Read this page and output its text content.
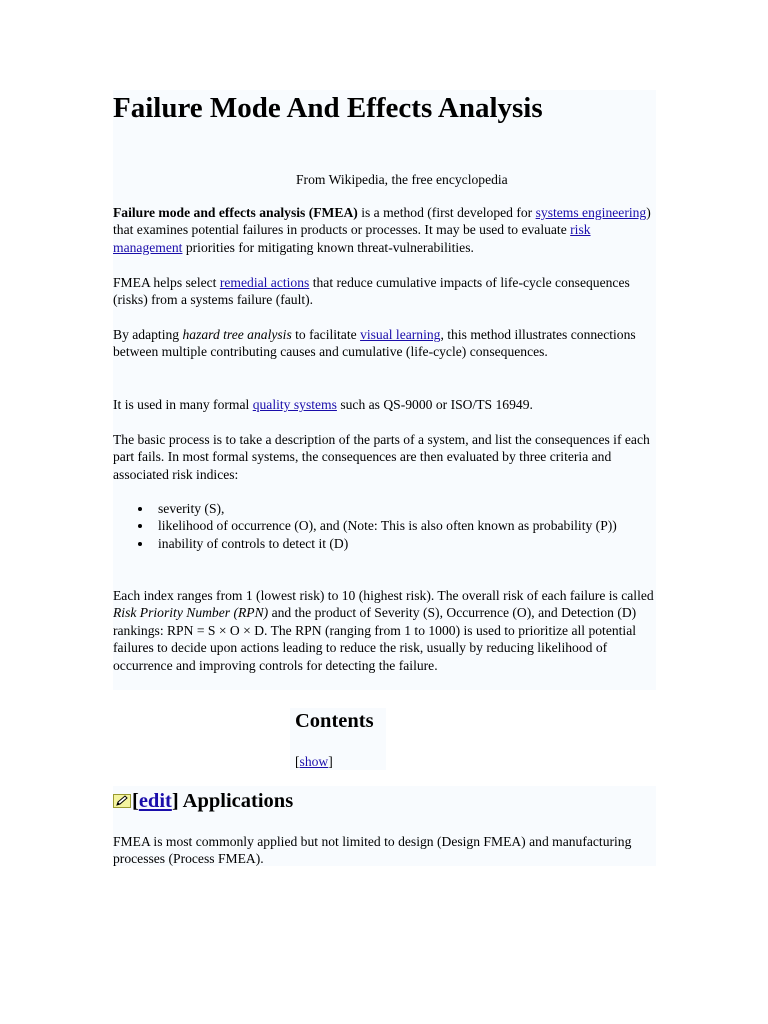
Failure Mode And Effects Analysis
From Wikipedia, the free encyclopedia

Failure mode and effects analysis (FMEA) is a method (first developed for systems engineering) that examines potential failures in products or processes. It may be used to evaluate risk management priorities for mitigating known threat-vulnerabilities.

FMEA helps select remedial actions that reduce cumulative impacts of life-cycle consequences (risks) from a systems failure (fault).

By adapting hazard tree analysis to facilitate visual learning, this method illustrates connections between multiple contributing causes and cumulative (life-cycle) consequences.

It is used in many formal quality systems such as QS-9000 or ISO/TS 16949.

The basic process is to take a description of the parts of a system, and list the consequences if each part fails. In most formal systems, the consequences are then evaluated by three criteria and associated risk indices:

severity (S),
likelihood of occurrence (O), and (Note: This is also often known as probability (P))
inability of controls to detect it (D)

Each index ranges from 1 (lowest risk) to 10 (highest risk). The overall risk of each failure is called Risk Priority Number (RPN) and the product of Severity (S), Occurrence (O), and Detection (D) rankings: RPN = S × O × D. The RPN (ranging from 1 to 1000) is used to prioritize all potential failures to decide upon actions leading to reduce the risk, usually by reducing likelihood of occurrence and improving controls for detecting the failure.

Contents
[show]
[edit] Applications

FMEA is most commonly applied but not limited to design (Design FMEA) and manufacturing processes (Process FMEA).
